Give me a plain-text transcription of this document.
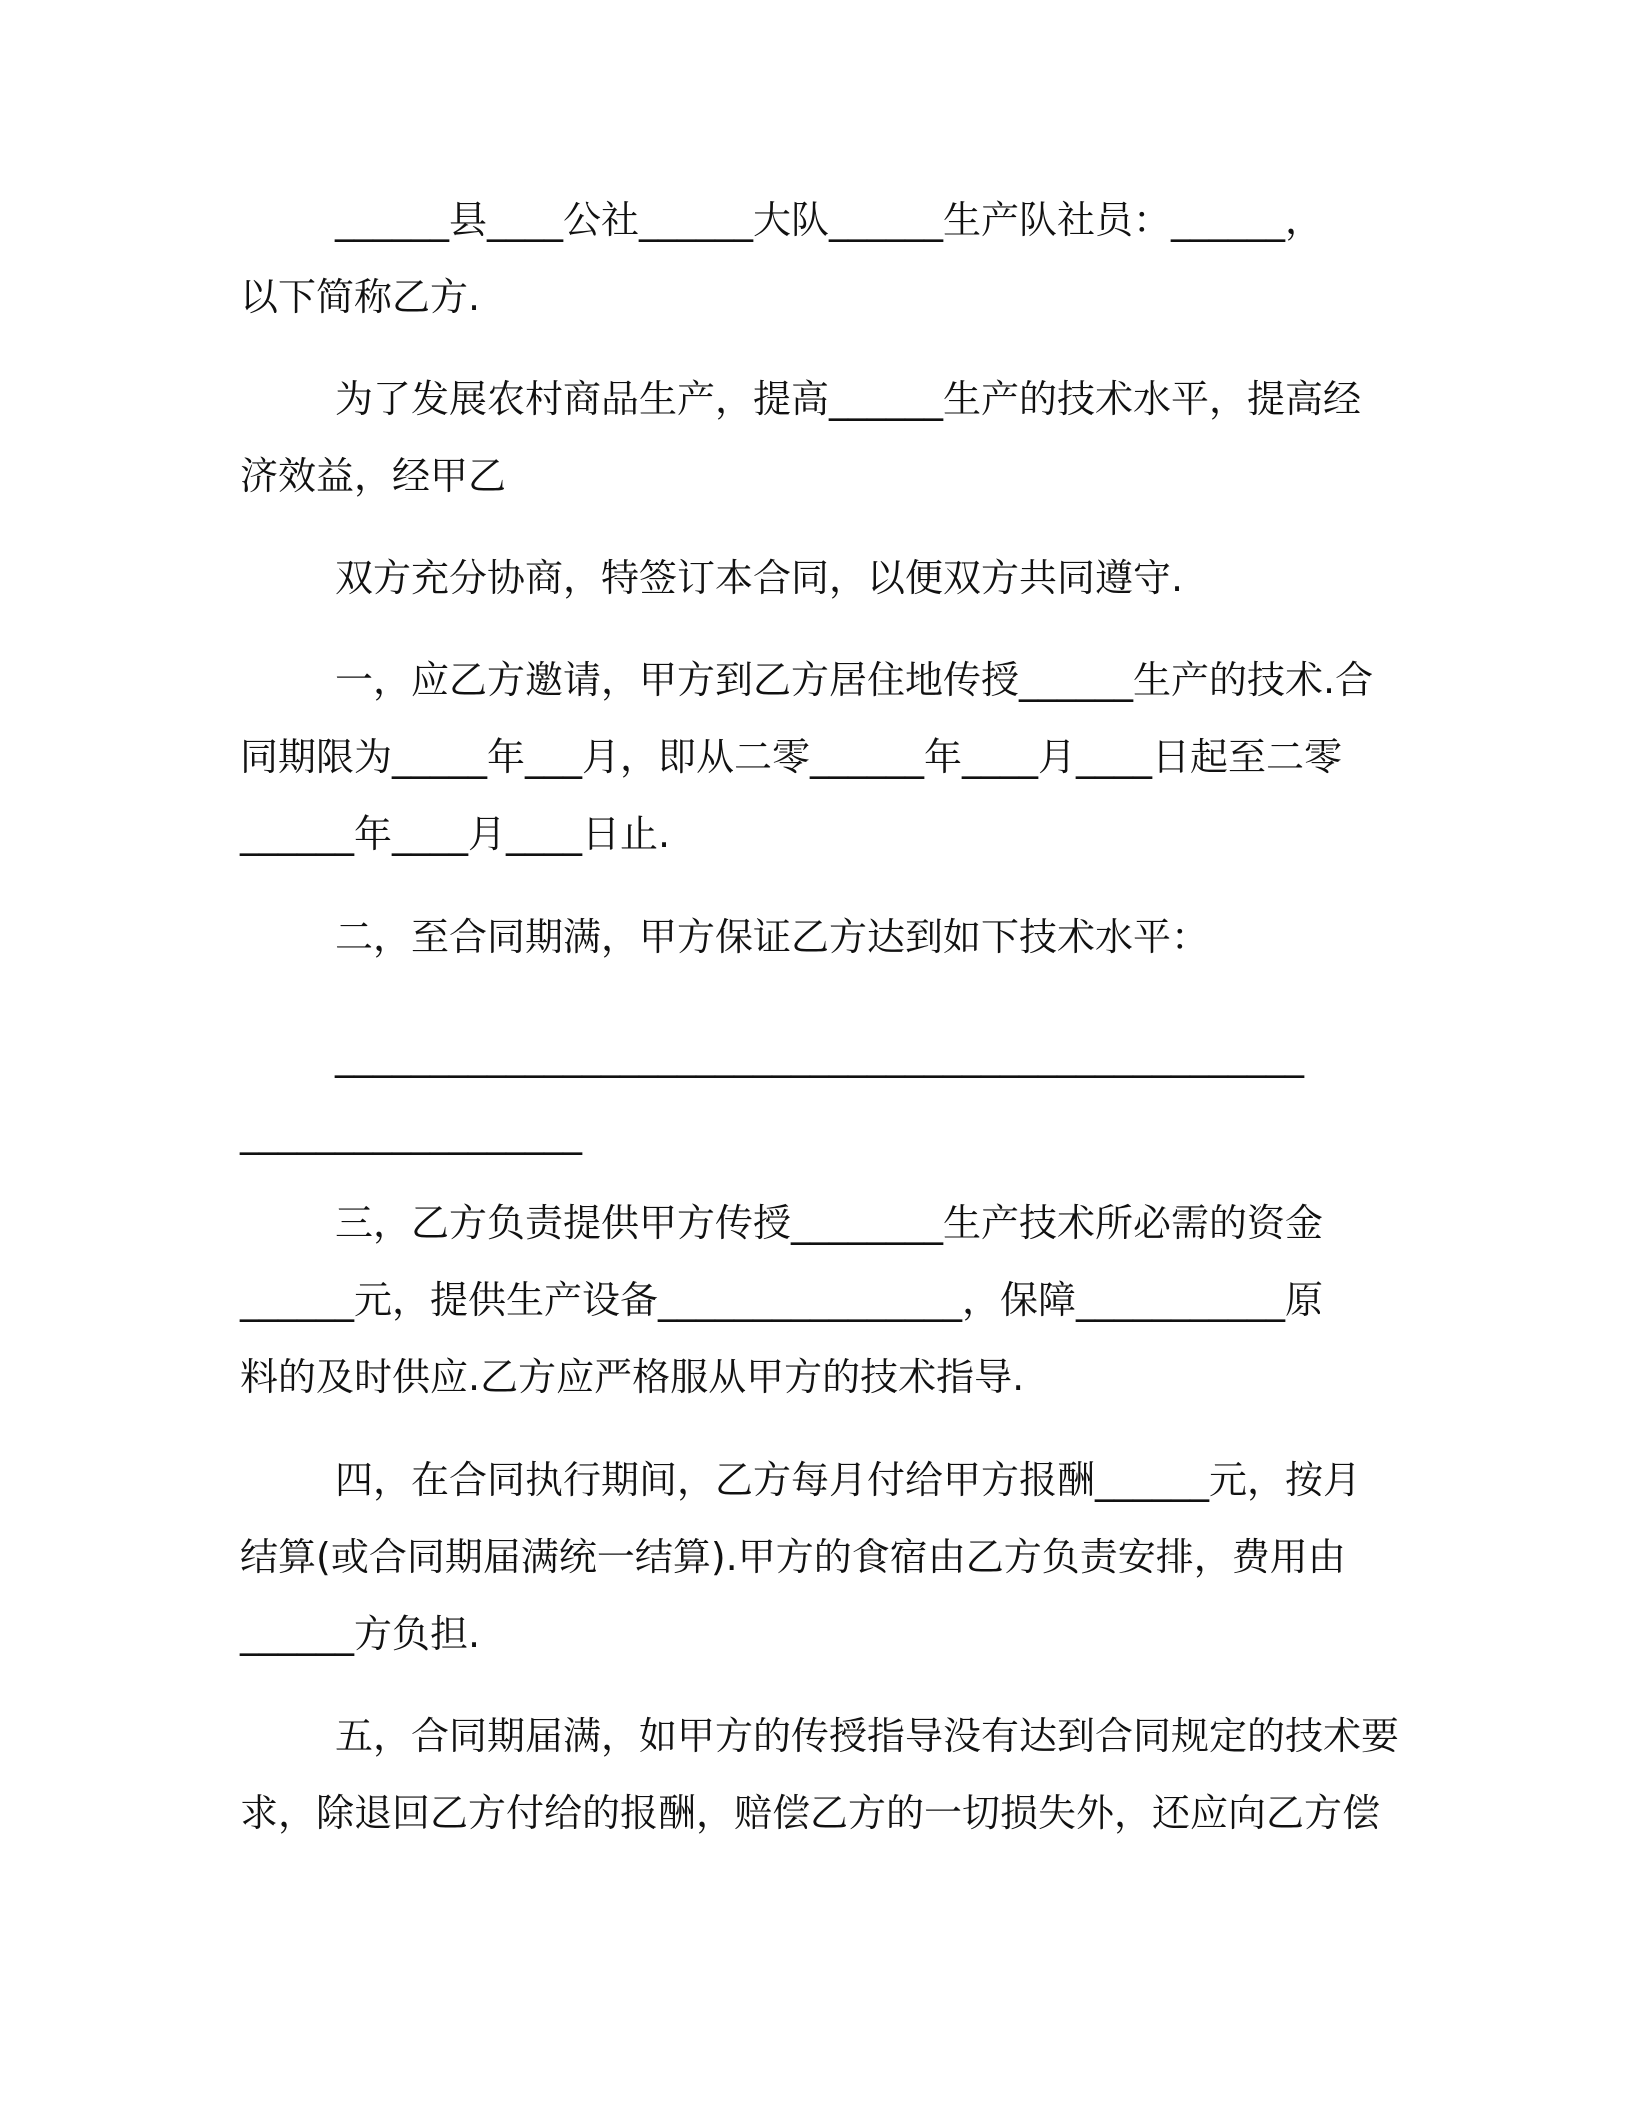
______县____公社______大队______生产队社员：______，
以下简称乙方.
为了发展农村商品生产，提高______生产的技术水平，提高经
济效益，经甲乙
双方充分协商，特签订本合同，以便双方共同遵守.
一，应乙方邀请，甲方到乙方居住地传授______生产的技术.合
同期限为_____年___月，即从二零______年____月____日起至二零
______年____月____日止.
二，至合同期满，甲方保证乙方达到如下技术水平：
___________________________________________________
__________________
三，乙方负责提供甲方传授________生产技术所必需的资金
______元，提供生产设备________________，保障___________原
料的及时供应.乙方应严格服从甲方的技术指导.
四，在合同执行期间，乙方每月付给甲方报酬______元，按月
结算(或合同期届满统一结算).甲方的食宿由乙方负责安排，费用由
______方负担.
五，合同期届满，如甲方的传授指导没有达到合同规定的技术要
求，除退回乙方付给的报酬，赔偿乙方的一切损失外，还应向乙方偿
